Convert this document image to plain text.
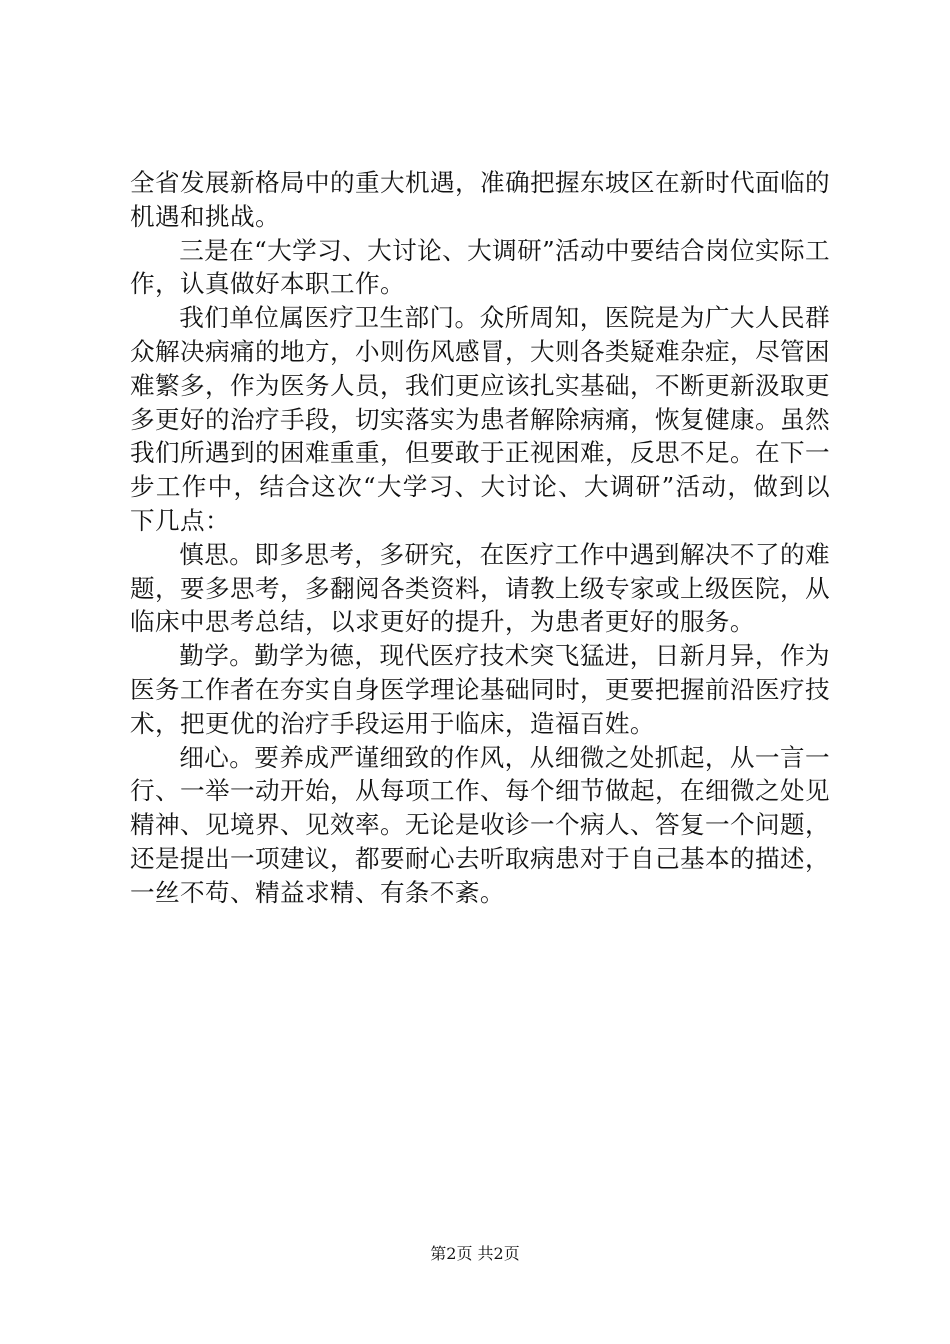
全省发展新格局中的重大机遇，准确把握东坡区在新时代面临的机遇和挑战。

三是在“大学习、大讨论、大调研”活动中要结合岗位实际工作，认真做好本职工作。

我们单位属医疗卫生部门。众所周知，医院是为广大人民群众解决病痛的地方，小则伤风感冒，大则各类疑难杂症，尽管困难繁多，作为医务人员，我们更应该扎实基础，不断更新汲取更多更好的治疗手段，切实落实为患者解除病痛，恢复健康。虽然我们所遇到的困难重重，但要敢于正视困难，反思不足。在下一步工作中，结合这次“大学习、大讨论、大调研”活动，做到以下几点：

慎思。即多思考，多研究，在医疗工作中遇到解决不了的难题，要多思考，多翻阅各类资料，请教上级专家或上级医院，从临床中思考总结，以求更好的提升，为患者更好的服务。

勤学。勤学为德，现代医疗技术突飞猛进，日新月异，作为医务工作者在夯实自身医学理论基础同时，更要把握前沿医疗技术，把更优的治疗手段运用于临床，造福百姓。

细心。要养成严谨细致的作风，从细微之处抓起，从一言一行、一举一动开始，从每项工作、每个细节做起，在细微之处见精神、见境界、见效率。无论是收诊一个病人、答复一个问题，还是提出一项建议，都要耐心去听取病患对于自己基本的描述，一丝不苟、精益求精、有条不紊。

第2页 共2页
